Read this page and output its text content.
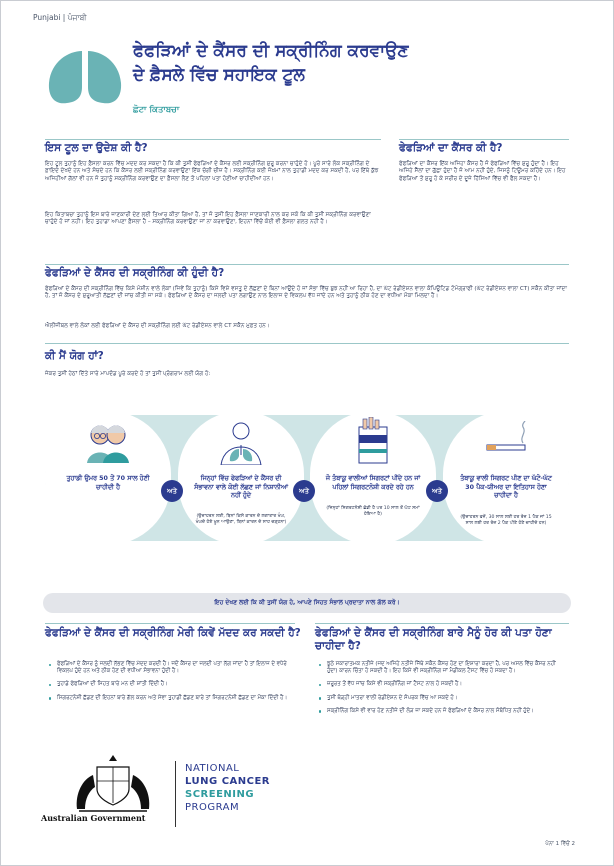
Punjabi | ਪੰਜਾਬੀ
ਫੇਫੜਿਆਂ ਦੇ ਕੈਂਸਰ ਦੀ ਸਕ੍ਰੀਨਿੰਗ ਕਰਵਾਉਣ
ਦੇ ਫ਼ੈਸਲੇ ਵਿੱਚ ਸਹਾਇਕ ਟੂਲ
ਛੋਟਾ ਕਿਤਾਬਚਾ
ਇਸ ਟੂਲ ਦਾ ਉਦੇਸ਼ ਕੀ ਹੈ?
ਇਹ ਟੂਲ ਤੁਹਾਨੂੰ ਇਹ ਫ਼ੈਸਲਾ ਕਰਨ ਵਿੱਚ ਮਦਦ ਕਰ ਸਕਦਾ ਹੈ ਕਿ ਕੀ ਤੁਸੀਂ ਫੇਫੜਿਆਂ ਦੇ ਕੈਂਸਰ ਲਈ ਸਕ੍ਰੀਨਿੰਗ ਸ਼ੁਰੂ ਕਰਨਾ ਚਾਹੁੰਦੇ ਹੋ। ਪੂਰੇ ਸਾਰੇ ਲੋਕ ਸਕ੍ਰੀਨਿੰਗ ਦੇ ਫ਼ਾਇਦੇ ਦੇਖਦੇ ਹਨ ਅਤੇ ਸੋਚਦੇ ਹਨ ਕਿ ਕੈਂਸਰ ਲਈ ਸਕ੍ਰੀਨਿੰਗ ਕਰਵਾਉਣਾ ਇੱਕ ਚੰਗੀ ਚੀਜ਼ ਹੈ। ਸਕ੍ਰੀਨਿੰਗ ਕਈ ਜੋਖ਼ਮਾਂ ਨਾਲ ਤੁਹਾਡੀ ਮਦਦ ਕਰ ਸਕਦੀ ਹੈ, ਪਰ ਇੱਥੇ ਕੁੱਝ ਅਜਿਹੀਆਂ ਗੱਲਾਂ ਵੀ ਹਨ ਜੋ ਤੁਹਾਨੂੰ ਸਕ੍ਰੀਨਿੰਗ ਕਰਵਾਉਣ ਦਾ ਫ਼ੈਸਲਾ ਲੈਣ ਤੋਂ ਪਹਿਲਾਂ ਪਤਾ ਹੋਣੀਆਂ ਚਾਹੀਦੀਆਂ ਹਨ।
ਇਹ ਕਿਤਾਬਚਾ ਤੁਹਾਨੂੰ ਇਸ ਬਾਰੇ ਜਾਣਕਾਰੀ ਦੇਣ ਲਈ ਤਿਆਰ ਕੀਤਾ ਗਿਆ ਹੈ, ਤਾਂ ਜੋ ਤੁਸੀਂ ਇਹ ਫ਼ੈਸਲਾ ਜਾਣਕਾਰੀ ਨਾਲ ਕਰ ਸਕੋ ਕਿ ਕੀ ਤੁਸੀਂ ਸਕ੍ਰੀਨਿੰਗ ਕਰਵਾਉਣਾ ਚਾਹੁੰਦੇ ਹੋ ਜਾਂ ਨਹੀਂ। ਇਹ ਤੁਹਾਡਾ ਆਪਣਾ ਫ਼ੈਸਲਾ ਹੈ – ਸਕ੍ਰੀਨਿੰਗ ਕਰਵਾਉਣਾ ਜਾਂ ਨਾ ਕਰਵਾਉਣਾ, ਇਹਨਾਂ ਵਿੱਚੋਂ ਕੋਈ ਵੀ ਫ਼ੈਸਲਾ ਗਲਤ ਨਹੀਂ ਹੈ।
ਫੇਫੜਿਆਂ ਦਾ ਕੈਂਸਰ ਕੀ ਹੈ?
ਫੇਫੜਿਆਂ ਦਾ ਕੈਂਸਰ ਇੱਕ ਅਜਿਹਾ ਕੈਂਸਰ ਹੈ ਜੋ ਫੇਫੜਿਆਂ ਵਿੱਚ ਸ਼ੁਰੂ ਹੁੰਦਾ ਹੈ। ਇਹ ਅਜਿਹੇ ਸੈੱਲਾਂ ਦਾ ਗੁੱਛਾ ਹੁੰਦਾ ਹੈ ਜੋ ਆਮ ਨਹੀਂ ਹੁੰਦੇ, ਜਿਸਨੂੰ ਟਿਊਮਰ ਕਹਿੰਦੇ ਹਨ। ਇਹ ਫੇਫੜਿਆਂ ਤੋਂ ਸ਼ੁਰੂ ਹੋ ਕੇ ਸਰੀਰ ਦੇ ਦੂਜੇ ਹਿੱਸਿਆਂ ਵਿੱਚ ਵੀ ਫੈਲ ਸਕਦਾ ਹੈ।
ਫੇਫੜਿਆਂ ਦੇ ਕੈਂਸਰ ਦੀ ਸਕ੍ਰੀਨਿੰਗ ਕੀ ਹੁੰਦੀ ਹੈ?
ਫੇਫੜਿਆਂ ਦੇ ਕੈਂਸਰ ਦੀ ਸਕ੍ਰੀਨਿੰਗ ਵਿੱਚ ਕਿਸੇ ਮੰਸ਼ੀਨ ਵਾਲੇ ਲੋਕਾਂ (ਜਿਵੇਂ ਕਿ ਤੁਹਾਨੂੰ) ਕਿਸੇ ਵਿਸ਼ੇ ਵਸਤੂ ਦੇ ਲੱਛਣਾਂ ਦੇ ਬਿਨਾਂ ਆਉਂਦੇ ਹੋ ਜਾਂ ਸੰਭਾ ਵਿੱਚ ਬੁਝ ਨਹੀਂ ਆ ਰਿਹਾ ਹੈ, ਦਾ ਘੱਟ ਰੇਡੀਏਸ਼ਨ ਵਾਲਾ ਕੰਪਿਊਟਿਡ ਟੋਮੋਗ੍ਰਾਫੀ (ਘੱਟ ਰੇਡੀਏਸ਼ਨ ਵਾਲਾ CT) ਸਕੈਨ ਕੀਤਾ ਜਾਂਦਾ ਹੈ, ਤਾਂ ਜੋ ਕੈਂਸਰ ਦੇ ਸ਼ੁਰੂਆਤੀ ਲੱਛਣਾਂ ਦੀ ਜਾਂਚ ਕੀਤੀ ਜਾ ਸਕੇ। ਫੇਫੜਿਆਂ ਦੇ ਕੈਂਸਰ ਦਾ ਜਲਦੀ ਪਤਾ ਲਗਾਉਣ ਨਾਲ ਇਲਾਜ ਦੇ ਵਿਕਲਪ ਵੱਧ ਜਾਂਦੇ ਹਨ ਅਤੇ ਤੁਹਾਨੂੰ ਠੀਕ ਹੋਣ ਦਾ ਵਧੀਆ ਮੌਕਾ ਮਿਲਦਾ ਹੈ।
ਐਲੀਜੀਬਲ ਵਾਲੇ ਲੋਕਾਂ ਲਈ ਫੇਫੜਿਆਂ ਦੇ ਕੈਂਸਰ ਦੀ ਸਕ੍ਰੀਨਿੰਗ ਲਈ ਘੱਟ ਰੇਡੀਏਸ਼ਨ ਵਾਲੇ CT ਸਕੈਨ ਮੁਫ਼ਤ ਹਨ।
ਕੀ ਮੈਂ ਯੋਗ ਹਾਂ?
ਜੇਕਰ ਤੁਸੀਂ ਹੇਠਾਂ ਦਿੱਤੇ ਸਾਰੇ ਮਾਪਦੰਡ ਪੂਰੇ ਕਰਦੇ ਹੋ ਤਾਂ ਤੁਸੀਂ ਪ੍ਰੋਗਰਾਮ ਲਈ ਯੋਗ ਹੋ:
ਤੁਹਾਡੀ ਉਮਰ 50 ਤੋਂ 70 ਸਾਲ ਹੋਣੀ ਚਾਹੀਦੀ ਹੈ
ਜਿਨ੍ਹਾਂ ਵਿੱਚ ਫੇਫੜਿਆਂ ਦੇ ਕੈਂਸਰ ਦੀ ਸੰਭਾਵਨਾ ਵਾਲੇ ਕੋਈ ਲੱਛਣ ਜਾਂ ਨਿਸ਼ਾਨੀਆਂ ਨਹੀਂ ਹੁੰਦੇ
(ਉਦਾਹਰਨ ਲਈ, ਬਿਨਾਂ ਕਿਸੇ ਕਾਰਨ ਦੇ ਲਗਾਤਾਰ ਖੰਘ, ਖੰਘਦੇ ਹੋਏ ਖ਼ੂਨ ਆਉਣਾ, ਬਿਨਾਂ ਕਾਰਨ ਦੇ ਸਾਹ ਚੜ੍ਹਨਾ)
ਜੋ ਤੰਬਾਕੂ ਵਾਲੀਆਂ ਸਿਗਰਟਾਂ ਪੀਂਦੇ ਹਨ ਜਾਂ ਪਹਿਲਾਂ ਸਿਗਰਟਨੋਸ਼ੀ ਕਰਦੇ ਰਹੇ ਹਨ
(ਜਿਨ੍ਹਾਂ ਸਿਗਰਟਨੋਸ਼ੀ ਛੱਡੀ ਹੈ ਪਰ 10 ਸਾਲ ਤੋਂ ਘੱਟ ਸਮਾਂ ਹੋਇਆ ਹੈ)
ਤੰਬਾਕੂ ਵਾਲੀ ਸਿਗਰਟ ਪੀਣ ਦਾ ਘੱਟੋ-ਘੱਟ 30 ਪੈਕ-ਯੀਅਰ ਦਾ ਇਤਿਹਾਸ ਹੋਣਾ ਚਾਹੀਦਾ ਹੈ
(ਉਦਾਹਰਨ ਵਜੋਂ, 30 ਸਾਲ ਲਈ ਹਰ ਰੋਜ਼ 1 ਪੈਕ ਜਾਂ 15 ਸਾਲ ਲਈ ਹਰ ਰੋਜ਼ 2 ਪੈਕ ਪੀਣੇ ਹੋਣੇ ਚਾਹੀਦੇ ਹਨ)
ਅਤੇ	ਅਤੇ	ਅਤੇ
ਇਹ ਦੇਖਣ ਲਈ ਕਿ ਕੀ ਤੁਸੀਂ ਯੋਗ ਹੋ, ਆਪਣੇ ਸਿਹਤ ਸੰਭਾਲ ਪ੍ਰਦਾਤਾ ਨਾਲ ਗੱਲ ਕਰੋ।
ਫੇਫੜਿਆਂ ਦੇ ਕੈਂਸਰ ਦੀ ਸਕ੍ਰੀਨਿੰਗ ਮੇਰੀ ਕਿਵੇਂ ਮੱਦਦ ਕਰ ਸਕਦੀ ਹੈ?
ਫੇਫੜਿਆਂ ਦੇ ਕੈਂਸਰ ਨੂੰ ਜਲਦੀ ਲੱਭਣ ਵਿੱਚ ਮੱਦਦ ਕਰਦੀ ਹੈ। ਜਦੋਂ ਕੈਂਸਰ ਦਾ ਜਲਦੀ ਪਤਾ ਲੱਗ ਜਾਂਦਾ ਹੈ ਤਾਂ ਇਲਾਜ ਦੇ ਵਧੇਰੇ ਵਿਕਲਪ ਹੁੰਦੇ ਹਨ ਅਤੇ ਠੀਕ ਹੋਣ ਦੀ ਵਧੀਆ ਸੰਭਾਵਨਾ ਹੁੰਦੀ ਹੈ।
ਤੁਹਾਡੇ ਫੇਫੜਿਆਂ ਦੀ ਸਿਹਤ ਬਾਰੇ ਮਨ ਦੀ ਸ਼ਾਂਤੀ ਦਿੰਦੀ ਹੈ।
ਸਿਗਰਟਨੋਸ਼ੀ ਛੱਡਣ ਦੀ ਇਹਨਾਂ ਬਾਰੇ ਗੱਲ ਕਰਨ ਅਤੇ ਸੇਵਾ ਤੁਹਾਡੀ ਛੱਡਣ ਬਾਰੇ ਤਾਂ ਸਿਗਰਟਨੋਸ਼ੀ ਛੱਡਣ ਦਾ ਮੌਕਾ ਦਿੰਦੀ ਹੈ।
ਫੇਫੜਿਆਂ ਦੇ ਕੈਂਸਰ ਦੀ ਸਕ੍ਰੀਨਿੰਗ ਬਾਰੇ ਮੈਨੂੰ ਹੋਰ ਕੀ ਪਤਾ ਹੋਣਾ ਚਾਹੀਦਾ ਹੈ?
ਝੂਠੇ ਸਕਾਰਾਤਮਕ ਨਤੀਜੇ (ਜਦ ਅਜਿਹੇ ਨਤੀਜੇ ਜਿੱਥੇ ਸਕੈਨ ਕੈਂਸਰ ਹੋਣ ਦਾ ਇਸ਼ਾਰਾ ਕਰਦਾ ਹੈ, ਪਰ ਅਸਲ ਵਿੱਚ ਕੈਂਸਰ ਨਹੀਂ ਹੁੰਦਾ) ਕਾਰਨ ਚਿੰਤਾ ਹੋ ਸਕਦੀ ਹੈ। ਇਹ ਕਿਸੇ ਵੀ ਸਕ੍ਰੀਨਿੰਗ ਜਾਂ ਮੈਡੀਕਲ ਟੈਸਟ ਵਿੱਚ ਹੋ ਸਕਦਾ ਹੈ।
ਜ਼ਰੂਰਤ ਤੋਂ ਵੱਧ ਜਾਂਚ ਕਿਸੇ ਵੀ ਸਕ੍ਰੀਨਿੰਗ ਜਾਂ ਟੈਸਟ ਨਾਲ ਹੋ ਸਕਦੀ ਹੈ।
ਤੁਸੀਂ ਥੋੜ੍ਹੀ ਮਾਤਰਾ ਵਾਲੀ ਰੇਡੀਏਸ਼ਨ ਦੇ ਸੰਪਰਕ ਵਿੱਚ ਆ ਸਕਦੇ ਹੋ।
ਸਕ੍ਰੀਨਿੰਗ ਕਿਸੇ ਵੀ ਵਾਰ ਹੋਣ ਨਤੀਜੇ ਦੀ ਲੋੜ ਜਾ ਸਕਦੇ ਹਨ ਜੋ ਫੇਫੜਿਆਂ ਦੇ ਕੈਂਸਰ ਨਾਲ ਸੰਬੰਧਿਤ ਨਹੀਂ ਹੁੰਦੇ।
Australian Government
NATIONAL
LUNG CANCER
SCREENING
PROGRAM
ਪੰਨਾ 1 ਵਿੱਚੋਂ 2
